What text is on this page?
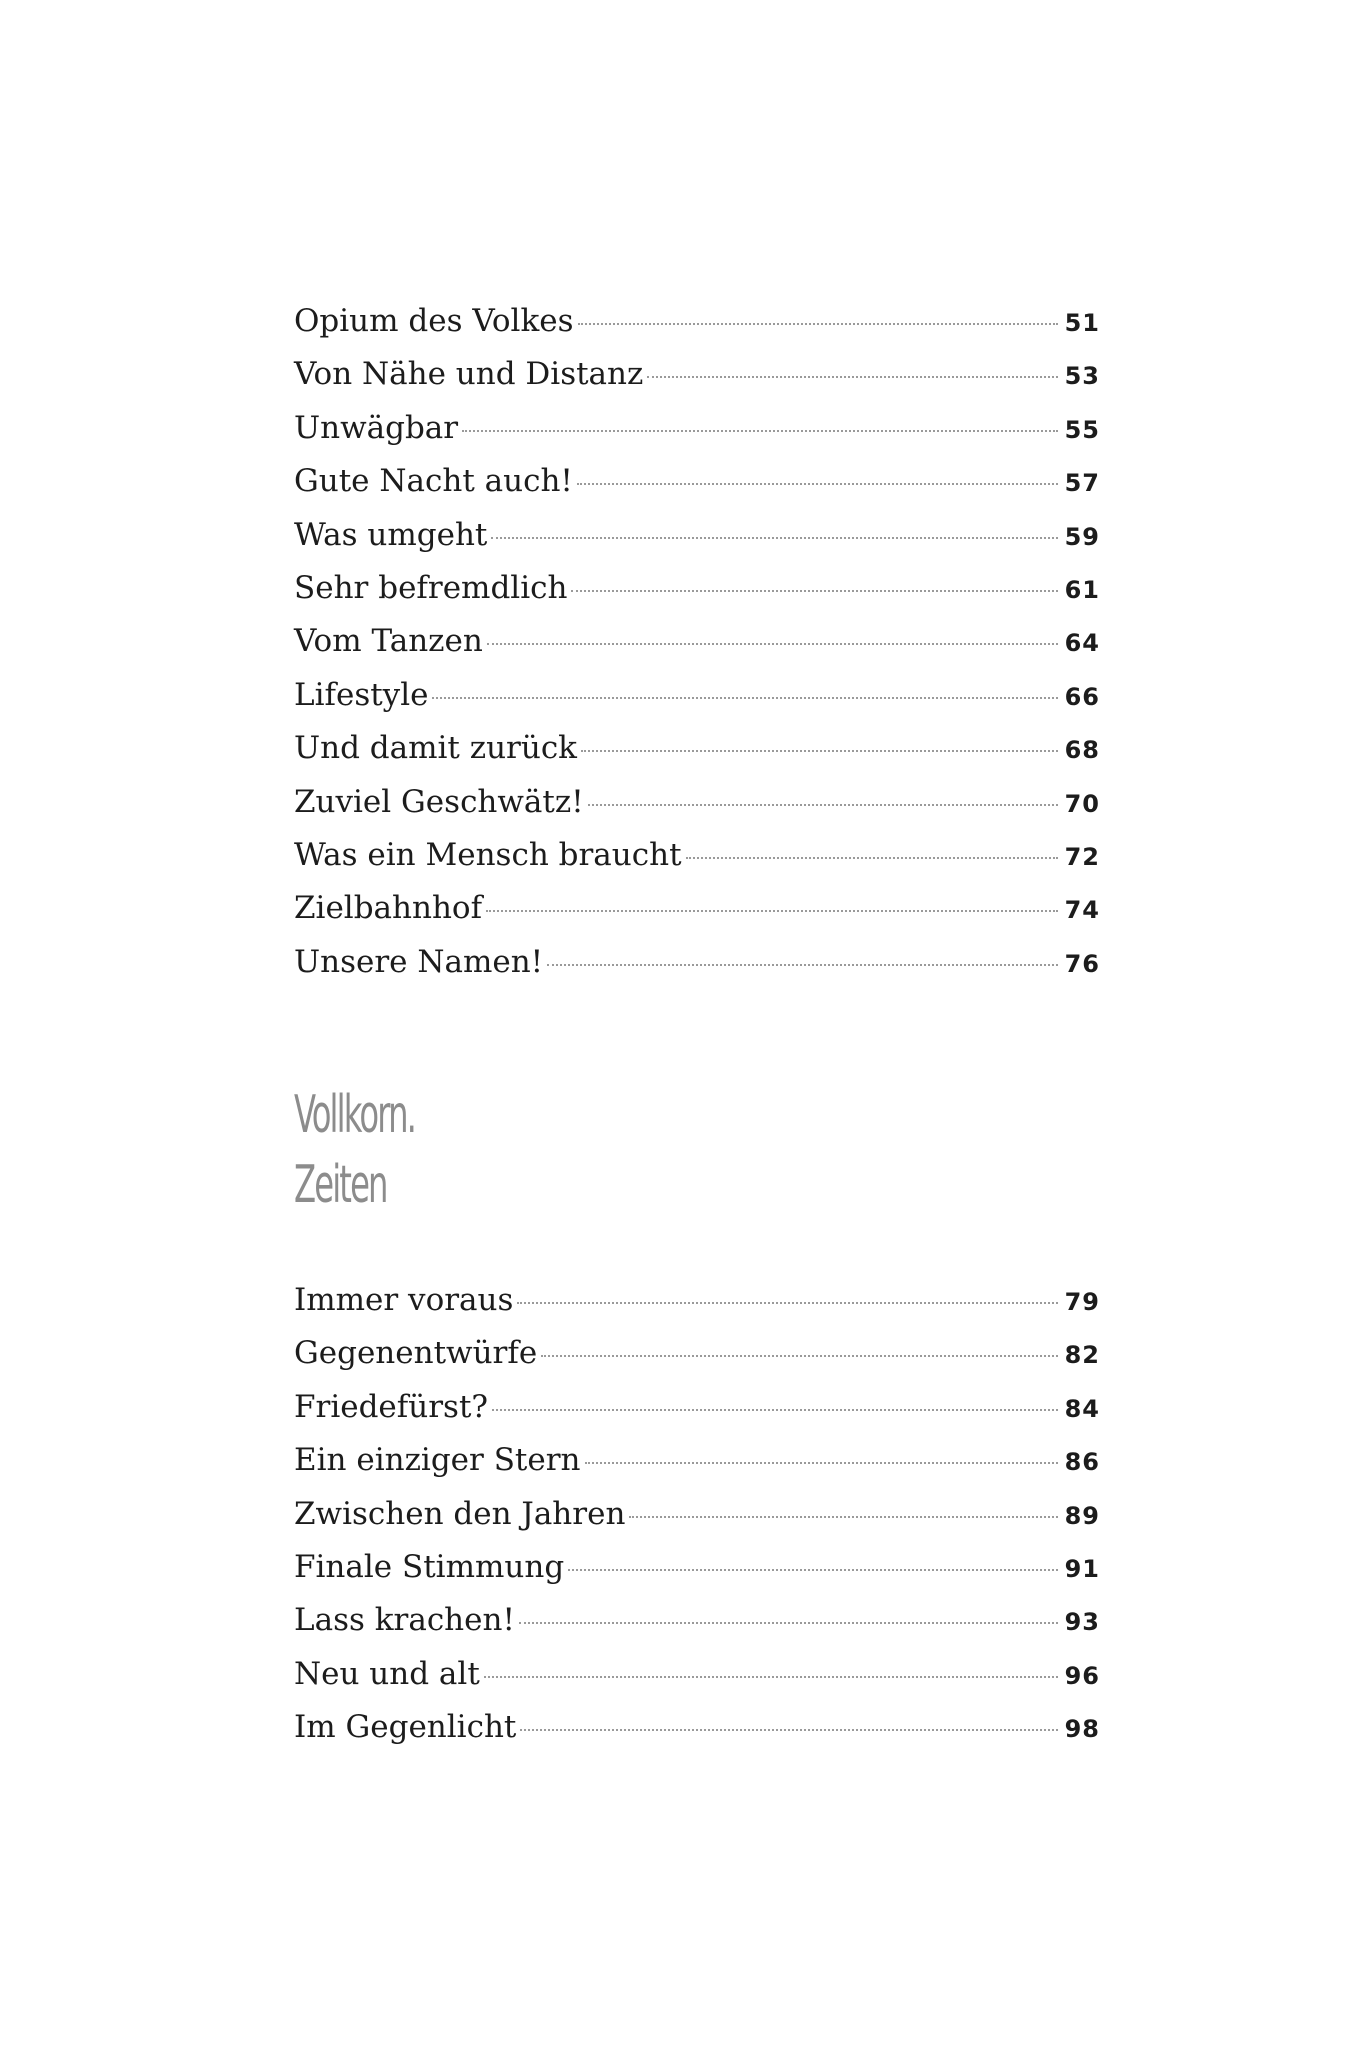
Opium des Volkes	51
Von Nähe und Distanz	53
Unwägbar	55
Gute Nacht auch!	57
Was umgeht	59
Sehr befremdlich	61
Vom Tanzen	64
Lifestyle	66
Und damit zurück	68
Zuviel Geschwätz!	70
Was ein Mensch braucht	72
Zielbahnhof	74
Unsere Namen!	76
Vollkorn.
Zeiten
Immer voraus	79
Gegenentwürfe	82
Friedefürst?	84
Ein einziger Stern	86
Zwischen den Jahren	89
Finale Stimmung	91
Lass krachen!	93
Neu und alt	96
Im Gegenlicht	98
